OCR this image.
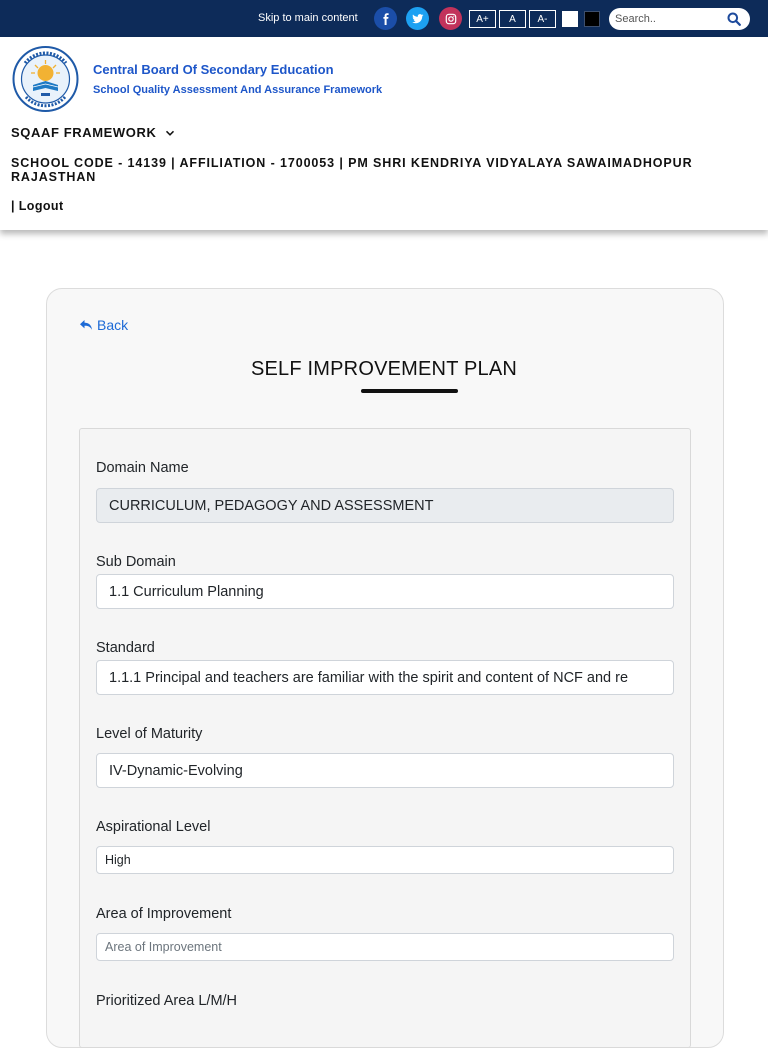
Skip to main content	A+	A	A-
Search..
Central Board Of Secondary Education
School Quality Assessment And Assurance Framework
SQAAF FRAMEWORK
SCHOOL CODE - 14139 | AFFILIATION - 1700053 | PM SHRI KENDRIYA VIDYALAYA SAWAIMADHOPUR RAJASTHAN
| Logout
Back
SELF IMPROVEMENT PLAN
Domain Name
CURRICULUM, PEDAGOGY AND ASSESSMENT
Sub Domain
1.1 Curriculum Planning
Standard
1.1.1 Principal and teachers are familiar with the spirit and content of NCF and re
Level of Maturity
IV-Dynamic-Evolving
Aspirational Level
High
Area of Improvement
Area of Improvement
Prioritized Area L/M/H
